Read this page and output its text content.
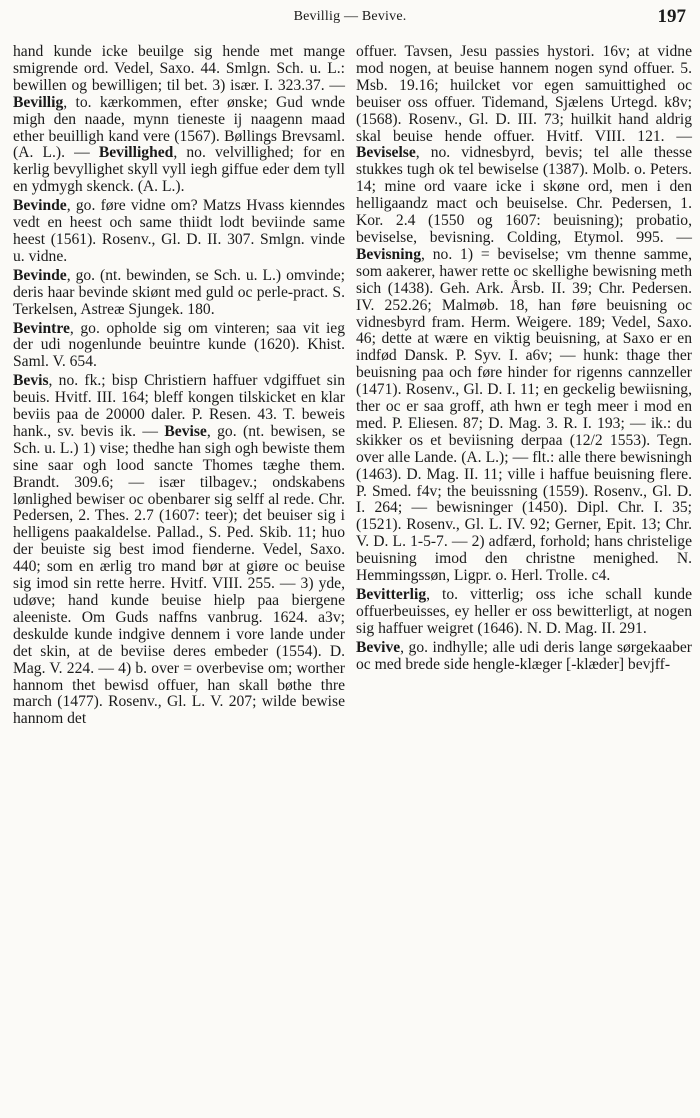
Bevillig — Bevive.	197

hand kunde icke beuilge sig hende met mange smigrende ord. Vedel, Saxo. 44. Smlgn. Sch. u. L.: bewillen og bewilligen; til bet. 3) især. I. 323.37. — Bevillig, to. kærkommen, efter ønske; Gud wnde migh den naade, mynn tieneste ij naagenn maad ether beuilligh kand vere (1567). Bøllings Brevsaml. (A. L.). — Bevillighed, no. velvillighed; for en kerlig bevyllighet skyll vyll iegh giffue eder dem tyll en ydmygh skenck. (A. L.).

Bevinde, go. føre vidne om? Matzs Hvass kienndes vedt en heest och same thiidt lodt beviinde same heest (1561). Rosenv., Gl. D. II. 307. Smlgn. vinde u. vidne.

Bevinde, go. (nt. bewinden, se Sch. u. L.) omvinde; deris haar bevinde skiønt med guld oc perle-pract. S. Terkelsen, Astreæ Sjungek. 180.

Bevintre, go. opholde sig om vinteren; saa vit ieg der udi nogenlunde beuintre kunde (1620). Khist. Saml. V. 654.

Bevis, no. fk.; bisp Christiern haffuer vdgiffuet sin beuis. Hvitf. III. 164; bleff kongen tilskicket en klar beviis paa de 20000 daler. P. Resen. 43. T. beweis hank., sv. bevis ik. — Bevise, go. (nt. bewisen, se Sch. u. L.) 1) vise; thedhe han sigh ogh bewiste them sine saar ogh lood sancte Thomes tæghe them. Brandt. 309.6; — især tilbagev.; ondskabens lønlighed bewiser oc obenbarer sig selff al rede. Chr. Pedersen, 2. Thes. 2.7 (1607: teer); det beuiser sig i helligens paakaldelse. Pallad., S. Ped. Skib. 11; huo der beuiste sig best imod fienderne. Vedel, Saxo. 440; som en ærlig tro mand bør at giøre oc beuise sig imod sin rette herre. Hvitf. VIII. 255. — 3) yde, udøve; hand kunde beuise hielp paa biergene aleeniste. Om Guds naffns vanbrug. 1624. a3v; deskulde kunde indgive dennem i vore lande under det skin, at de beviise deres embeder (1554). D. Mag. V. 224. — 4) b. over = overbevise om; worther hannom thet bewisd offuer, han skall bøthe thre march (1477). Rosenv., Gl. L. V. 207; wilde bewise hannom det

offuer. Tavsen, Jesu passies hystori. 16v; at vidne mod nogen, at beuise hannem nogen synd offuer. 5. Msb. 19.16; huilcket vor egen samuittighed oc beuiser oss offuer. Tidemand, Sjælens Urtegd. k8v; (1568). Rosenv., Gl. D. III. 73; huilkit hand aldrig skal beuise hende offuer. Hvitf. VIII. 121. — Beviselse, no. vidnesbyrd, bevis; tel alle thesse stukkes tugh ok tel bewiselse (1387). Molb. o. Peters. 14; mine ord vaare icke i skøne ord, men i den helligaandz mact och beuiselse. Chr. Pedersen, 1. Kor. 2.4 (1550 og 1607: beuisning); probatio, beviselse, bevisning. Colding, Etymol. 995. — Bevisning, no. 1) = beviselse; vm thenne samme, som aakerer, hawer rette oc skellighe bewisning meth sich (1438). Geh. Ark. Årsb. II. 39; Chr. Pedersen. IV. 252.26; Malmøb. 18, han føre beuisning oc vidnesbyrd fram. Herm. Weigere. 189; Vedel, Saxo. 46; dette at wære en viktig beuisning, at Saxo er en indfød Dansk. P. Syv. I. a6v; — hunk: thage ther beuisning paa och føre hinder for rigenns cannzeller (1471). Rosenv., Gl. D. I. 11; en geckelig bewiisning, ther oc er saa groff, ath hwn er tegh meer i mod en med. P. Eliesen. 87; D. Mag. 3. R. I. 193; — ik.: du skikker os et beviisning derpaa (12/2 1553). Tegn. over alle Lande. (A. L.); — flt.: alle there bewisningh (1463). D. Mag. II. 11; ville i haffue beuisning flere. P. Smed. f4v; the beuissning (1559). Rosenv., Gl. D. I. 264; — bewisninger (1450). Dipl. Chr. I. 35; (1521). Rosenv., Gl. L. IV. 92; Gerner, Epit. 13; Chr. V. D. L. 1-5-7. — 2) adfærd, forhold; hans christelige beuisning imod den christne menighed. N. Hemmingssøn, Ligpr. o. Herl. Trolle. c4.

Bevitterlig, to. vitterlig; oss iche schall kunde offuerbeuisses, ey heller er oss bewitterligt, at nogen sig haffuer weigret (1646). N. D. Mag. II. 291.

Bevive, go. indhylle; alle udi deris lange sørgekaaber oc med brede side hengle-klæger [-klæder] bevjff-
